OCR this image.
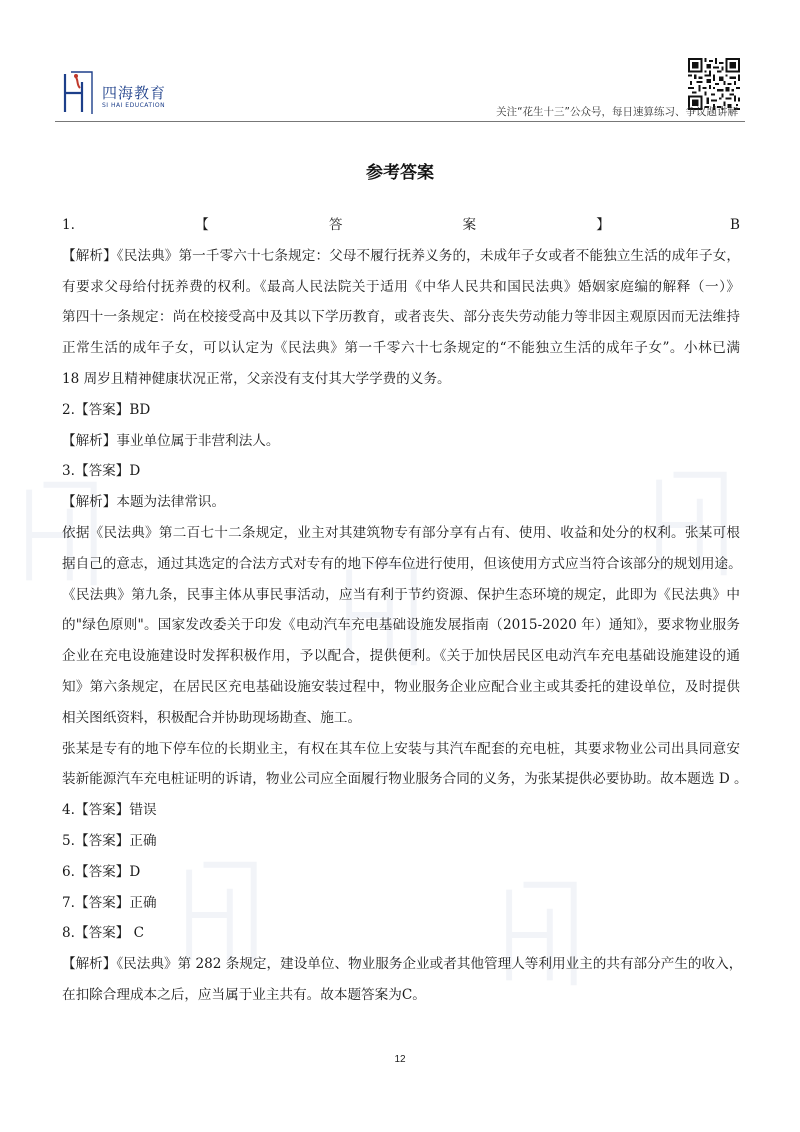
四海教育
SI HAI EDUCATION
关注“花生十三”公众号，每日速算练习、争议题讲解
参考答案
1.【答案】B
【解析】《民法典》第一千零六十七条规定：父母不履行抚养义务的，未成年子女或者不能独立生活的成年子女，
有要求父母给付抚养费的权利。《最高人民法院关于适用《中华人民共和国民法典》婚姻家庭编的解释（一）》
第四十一条规定：尚在校接受高中及其以下学历教育，或者丧失、部分丧失劳动能力等非因主观原因而无法维持
正常生活的成年子女，可以认定为《民法典》第一千零六十七条规定的“不能独立生活的成年子女”。小林已满
18 周岁且精神健康状况正常，父亲没有支付其大学学费的义务。
2.【答案】BD
【解析】事业单位属于非营利法人。
3.【答案】D
【解析】本题为法律常识。
依据《民法典》第二百七十二条规定，业主对其建筑物专有部分享有占有、使用、收益和处分的权利。张某可根
据自己的意志，通过其选定的合法方式对专有的地下停车位进行使用，但该使用方式应当符合该部分的规划用途。
《民法典》第九条，民事主体从事民事活动，应当有利于节约资源、保护生态环境的规定，此即为《民法典》中
的"绿色原则"。国家发改委关于印发《电动汽车充电基础设施发展指南（2015-2020 年）通知》，要求物业服务
企业在充电设施建设时发挥积极作用，予以配合，提供便利。《关于加快居民区电动汽车充电基础设施建设的通
知》第六条规定，在居民区充电基础设施安装过程中，物业服务企业应配合业主或其委托的建设单位，及时提供
相关图纸资料，积极配合并协助现场勘查、施工。
张某是专有的地下停车位的长期业主，有权在其车位上安装与其汽车配套的充电桩，其要求物业公司出具同意安
装新能源汽车充电桩证明的诉请，物业公司应全面履行物业服务合同的义务，为张某提供必要协助。故本题选 D 。
4.【答案】错误
5.【答案】正确
6.【答案】D
7.【答案】正确
8.【答案】 C
【解析】《民法典》第 282 条规定，建设单位、物业服务企业或者其他管理人等利用业主的共有部分产生的收入，
在扣除合理成本之后，应当属于业主共有。故本题答案为C。
12
